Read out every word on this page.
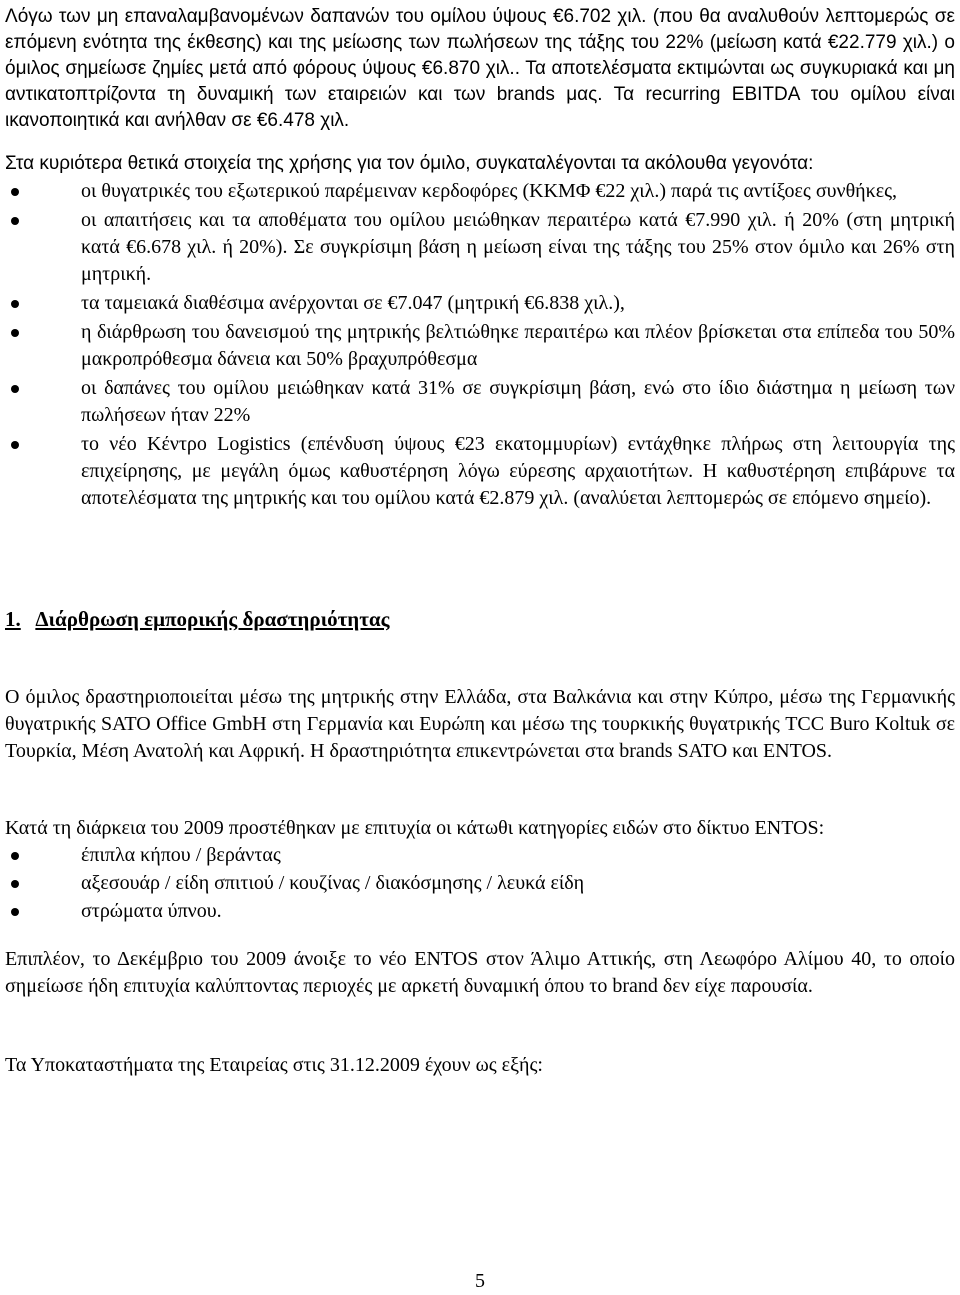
Λόγω των μη επαναλαμβανομένων δαπανών του ομίλου ύψους €6.702 χιλ. (που θα αναλυθούν λεπτομερώς σε επόμενη ενότητα της έκθεσης) και της μείωσης των πωλήσεων της τάξης του 22% (μείωση κατά €22.779 χιλ.) ο όμιλος σημείωσε ζημίες μετά από φόρους ύψους €6.870 χιλ.. Τα αποτελέσματα εκτιμώνται ως συγκυριακά και μη αντικατοπτρίζοντα τη δυναμική των εταιρειών και των brands μας. Τα recurring EBITDA του ομίλου είναι ικανοποιητικά και ανήλθαν σε €6.478 χιλ.

Στα κυριότερα θετικά στοιχεία της χρήσης για τον όμιλο, συγκαταλέγονται τα ακόλουθα γεγονότα:

οι θυγατρικές του εξωτερικού παρέμειναν κερδοφόρες (ΚΚΜΦ €22 χιλ.) παρά τις αντίξοες συνθήκες,
οι απαιτήσεις και τα αποθέματα του ομίλου μειώθηκαν περαιτέρω κατά €7.990 χιλ. ή 20% (στη μητρική κατά €6.678 χιλ. ή 20%). Σε συγκρίσιμη βάση η μείωση είναι της τάξης του 25% στον όμιλο και 26% στη μητρική.
τα ταμειακά διαθέσιμα ανέρχονται σε €7.047 (μητρική €6.838 χιλ.),
η διάρθρωση του δανεισμού της μητρικής βελτιώθηκε περαιτέρω και πλέον βρίσκεται στα επίπεδα του 50% μακροπρόθεσμα δάνεια και 50% βραχυπρόθεσμα
οι δαπάνες του ομίλου μειώθηκαν κατά 31% σε συγκρίσιμη βάση, ενώ στο ίδιο διάστημα η μείωση των πωλήσεων ήταν 22%
το νέο Κέντρο Logistics (επένδυση ύψους €23 εκατομμυρίων) εντάχθηκε πλήρως στη λειτουργία της επιχείρησης, με μεγάλη όμως καθυστέρηση λόγω εύρεσης αρχαιοτήτων. Η καθυστέρηση επιβάρυνε τα αποτελέσματα της μητρικής και του ομίλου κατά €2.879 χιλ. (αναλύεται λεπτομερώς σε επόμενο σημείο).
1. Διάρθρωση εμπορικής δραστηριότητας

Ο όμιλος δραστηριοποιείται μέσω της μητρικής στην Ελλάδα, στα Βαλκάνια και στην Κύπρο, μέσω της Γερμανικής θυγατρικής SATO Office GmbH στη Γερμανία και Ευρώπη και μέσω της τουρκικής θυγατρικής TCC Buro Koltuk σε Τουρκία, Μέση Ανατολή και Αφρική. Η δραστηριότητα επικεντρώνεται στα brands SATO και ENTOS.

Κατά τη διάρκεια του 2009 προστέθηκαν με επιτυχία οι κάτωθι κατηγορίες ειδών στο δίκτυο ENTOS:

έπιπλα κήπου / βεράντας
αξεσουάρ / είδη σπιτιού / κουζίνας / διακόσμησης / λευκά είδη
στρώματα ύπνου.

Επιπλέον, το Δεκέμβριο του 2009 άνοιξε το νέο ENTOS στον Άλιμο Αττικής, στη Λεωφόρο Αλίμου 40, το οποίο σημείωσε ήδη επιτυχία καλύπτοντας περιοχές με αρκετή δυναμική όπου το brand δεν είχε παρουσία.

Τα Υποκαταστήματα της Εταιρείας στις 31.12.2009 έχουν ως εξής:

5
